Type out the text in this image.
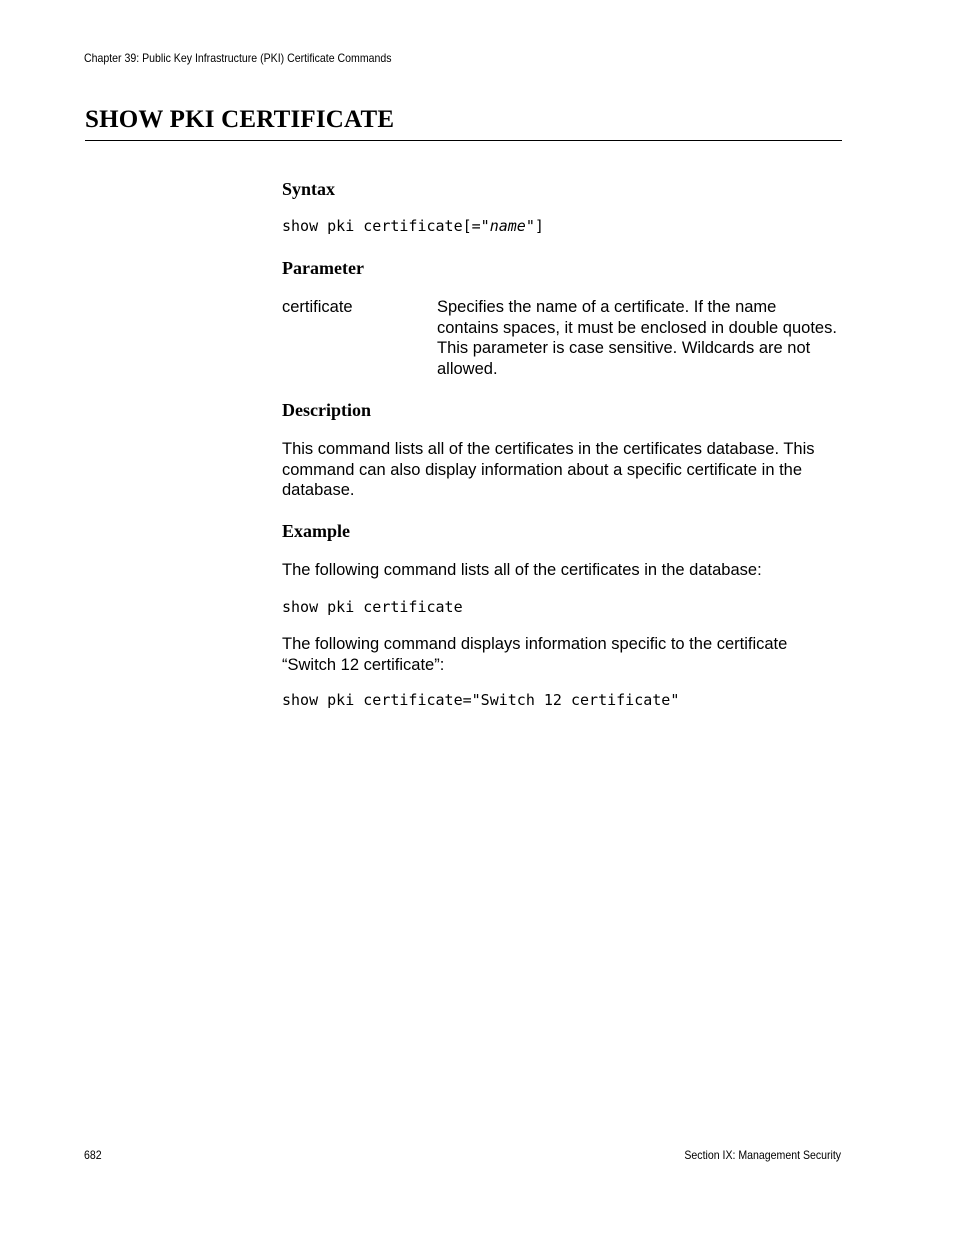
Chapter 39: Public Key Infrastructure (PKI) Certificate Commands
SHOW PKI CERTIFICATE
Syntax
show pki certificate[="name"]
Parameter
certificate	Specifies the name of a certificate. If the name contains spaces, it must be enclosed in double quotes. This parameter is case sensitive. Wildcards are not allowed.

Description

This command lists all of the certificates in the certificates database. This command can also display information about a specific certificate in the database.

Example

The following command lists all of the certificates in the database:

show pki certificate

The following command displays information specific to the certificate “Switch 12 certificate”:

show pki certificate="Switch 12 certificate"
682	Section IX: Management Security
